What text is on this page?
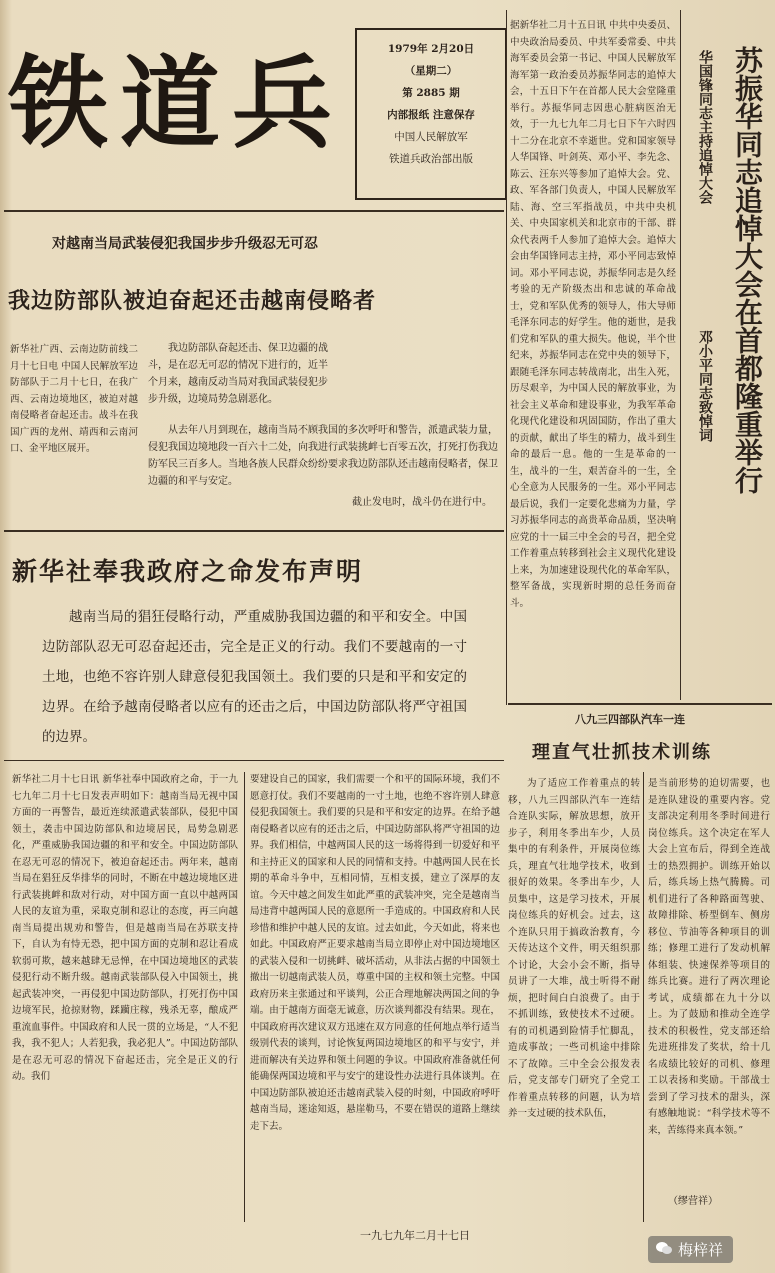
铁道兵	1979年 2月20日
（星期二）
第 2885 期
内部报纸 注意保存
中国人民解放军
铁道兵政治部出版
对越南当局武装侵犯我国步步升级忍无可忍
我边防部队被迫奋起还击越南侵略者
新华社广西、云南边防前线二月十七日电 中国人民解放军边防部队于二月十七日，在我广西、云南边境地区，被迫对越南侵略者奋起还击。战斗在我国广西的龙州、靖西和云南河口、金平地区展开。
我边防部队奋起还击、保卫边疆的战斗，是在忍无可忍的情况下进行的，近半个月来，越南反动当局对我国武装侵犯步步升级，边境局势急剧恶化。
从去年八月到现在，越南当局不顾我国的多次呼吁和警告，派遣武装力量，侵犯我国边境地段一百六十二处，向我进行武装挑衅七百零五次，打死打伤我边防军民三百多人。当地各族人民群众纷纷要求我边防部队还击越南侵略者，保卫边疆的和平与安定。
截止发电时，战斗仍在进行中。
新华社奉我政府之命发布声明
越南当局的猖狂侵略行动，严重威胁我国边疆的和平和安全。中国边防部队忍无可忍奋起还击，完全是正义的行动。我们不要越南的一寸土地，也绝不容许别人肆意侵犯我国领土。我们要的只是和平和安定的边界。在给予越南侵略者以应有的还击之后，中国边防部队将严守祖国的边界。
新华社二月十七日讯 新华社奉中国政府之命，于一九七九年二月十七日发表声明如下：越南当局无视中国方面的一再警告，最近连续派遣武装部队，侵犯中国领土，袭击中国边防部队和边境居民，局势急剧恶化，严重威胁我国边疆的和平和安全。中国边防部队在忍无可忍的情况下，被迫奋起还击。两年来，越南当局在猖狂反华排华的同时，不断在中越边境地区进行武装挑衅和敌对行动，对中国方面一直以中越两国人民的友谊为重，采取克制和忍让的态度，再三向越南当局提出规劝和警告，但是越南当局在苏联支持下，自认为有恃无恐，把中国方面的克制和忍让看成软弱可欺，越来越肆无忌惮，在中国边境地区的武装侵犯行动不断升级。越南武装部队侵入中国领土，挑起武装冲突，一再侵犯中国边防部队，打死打伤中国边境军民，抢掠财物，蹂躏庄稼，残杀无辜，酿成严重流血事件。中国政府和人民一贯的立场是，“人不犯我，我不犯人；人若犯我，我必犯人”。中国边防部队是在忍无可忍的情况下奋起还击，完全是正义的行动。我们
要建设自己的国家，我们需要一个和平的国际环境，我们不愿意打仗。我们不要越南的一寸土地，也绝不容许别人肆意侵犯我国领土。我们要的只是和平和安定的边界。在给予越南侵略者以应有的还击之后，中国边防部队将严守祖国的边界。我们相信，中越两国人民的这一场将得到一切爱好和平和主持正义的国家和人民的同情和支持。中越两国人民在长期的革命斗争中，互相同情，互相支援，建立了深厚的友谊。今天中越之间发生如此严重的武装冲突，完全是越南当局违背中越两国人民的意愿所一手造成的。中国政府和人民珍惜和维护中越人民的友谊。过去如此，今天如此，将来也如此。中国政府严正要求越南当局立即停止对中国边境地区的武装入侵和一切挑衅、破坏活动，从非法占据的中国领土撤出一切越南武装人员，尊重中国的主权和领土完整。中国政府历来主张通过和平谈判，公正合理地解决两国之间的争端。由于越南方面毫无诚意，历次谈判都没有结果。现在，中国政府再次建议双方迅速在双方同意的任何地点举行适当级别代表的谈判，讨论恢复两国边境地区的和平与安宁，并进而解决有关边界和领土问题的争议。中国政府准备就任何能确保两国边境和平与安宁的建设性办法进行具体谈判。在中国边防部队被迫还击越南武装入侵的时刻，中国政府呼吁越南当局，迷途知返，悬崖勒马，不要在错误的道路上继续走下去。
一九七九年二月十七日
据新华社二月十五日讯 中共中央委员、中央政治局委员、中共军委常委、中共海军委员会第一书记、中国人民解放军海军第一政治委员苏振华同志的追悼大会，十五日下午在首都人民大会堂隆重举行。苏振华同志因患心脏病医治无效，于一九七九年二月七日下午六时四十二分在北京不幸逝世。党和国家领导人华国锋、叶剑英、邓小平、李先念、陈云、汪东兴等参加了追悼大会。党、政、军各部门负责人，中国人民解放军陆、海、空三军指战员，中共中央机关、中央国家机关和北京市的干部、群众代表两千人参加了追悼大会。追悼大会由华国锋同志主持，邓小平同志致悼词。邓小平同志说，苏振华同志是久经考验的无产阶级杰出和忠诚的革命战士，党和军队优秀的领导人，伟大导师毛泽东同志的好学生。他的逝世，是我们党和军队的重大损失。他说，半个世纪来，苏振华同志在党中央的领导下，跟随毛泽东同志转战南北，出生入死，历尽艰辛，为中国人民的解放事业，为社会主义革命和建设事业，为我军革命化现代化建设和巩固国防，作出了重大的贡献，献出了毕生的精力，战斗到生命的最后一息。他的一生是革命的一生，战斗的一生，艰苦奋斗的一生，全心全意为人民服务的一生。邓小平同志最后说，我们一定要化悲痛为力量，学习苏振华同志的高贵革命品质，坚决响应党的十一届三中全会的号召，把全党工作着重点转移到社会主义现代化建设上来，为加速建设现代化的革命军队，整军备战，实现新时期的总任务而奋斗。
华国锋同志主持追悼大会
邓小平同志致悼词 苏振华同志追悼大会在首都隆重举行
八九三四部队汽车一连
理直气壮抓技术训练
为了适应工作着重点的转移，八九三四部队汽车一连结合连队实际，解放思想，放开步子，利用冬季出车少，人员集中的有利条件，开展岗位练兵，理直气壮地学技术，收到很好的效果。冬季出车少，人员集中，这是学习技术，开展岗位练兵的好机会。过去，这个连队只用于搞政治教育，今天传达这个文件，明天组织那个讨论，大会小会不断，指导员讲了一大堆，战士听得不耐烦，把时间白白浪费了。由于不抓训练，致使技术不过硬。有的司机遇到险情手忙脚乱，造成事故；一些司机途中排除不了故障。三中全会公报发表后，党支部专门研究了全党工作着重点转移的问题，认为培养一支过硬的技术队伍，
是当前形势的迫切需要，也是连队建设的重要内容。党支部决定利用冬季时间进行岗位练兵。这个决定在军人大会上宣布后，得到全连战士的热烈拥护。训练开始以后，练兵场上热气腾腾。司机们进行了各种路面驾驶、故障排除、桥型倒车、侧房移位、节油等各种项目的训练；修理工进行了发动机解体组装、快速保养等项目的练兵比赛。进行了两次理论考试，成绩都在九十分以上。为了鼓励和推动全连学技术的积极性，党支部还给先进班排发了奖状，给十几名成绩比较好的司机、修理工以表扬和奖励。干部战士尝到了学习技术的甜头，深有感触地说：“科学技术等不来，苦练得来真本领。”
（缪营祥）
梅梓祥
